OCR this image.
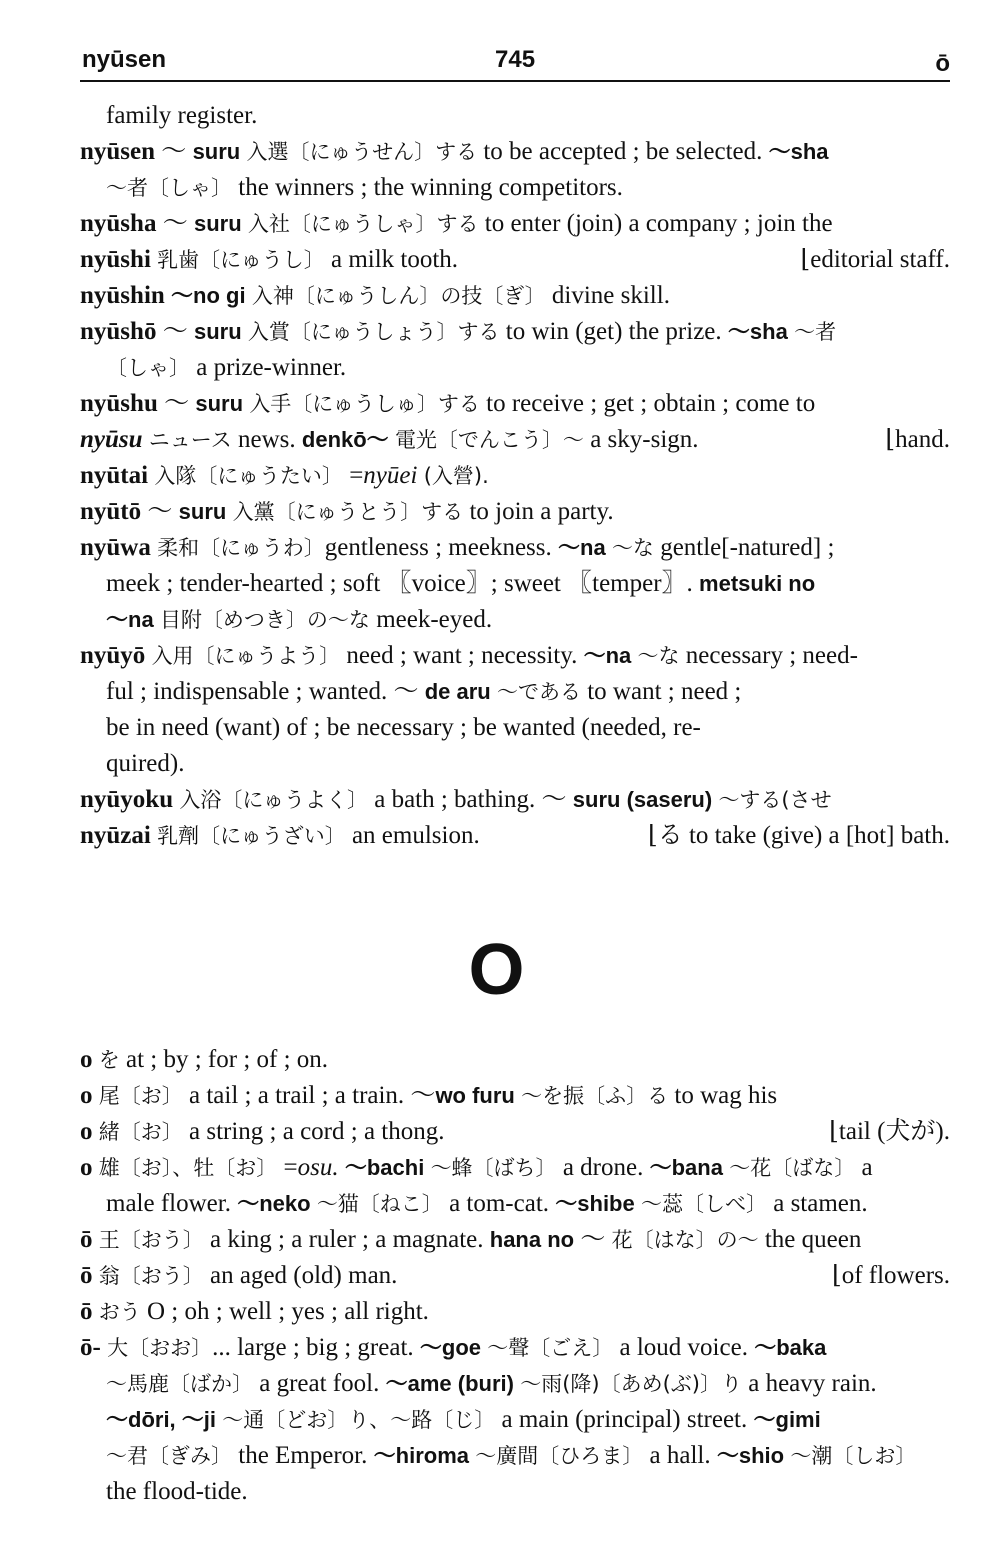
nyūsen	745	ō
family register.
nyūsen ～ suru 入選〔にゅうせん〕する to be accepted ; be selected. ～sha
～者〔しゃ〕 the winners ; the winning competitors.
nyūsha ～ suru 入社〔にゅうしゃ〕する to enter (join) a company ; join the
nyūshi 乳歯〔にゅうし〕 a milk tooth.	⌊editorial staff.
nyūshin ～no gi 入神〔にゅうしん〕の技〔ぎ〕 divine skill.
nyūshō ～ suru 入賞〔にゅうしょう〕する to win (get) the prize. ～sha ～者
〔しゃ〕 a prize-winner.
nyūshu ～ suru 入手〔にゅうしゅ〕する to receive ; get ; obtain ; come to
nyūsu ニュース news. denkō～ 電光〔でんこう〕～ a sky-sign.	⌊hand.
nyūtai 入隊〔にゅうたい〕 =nyūei (入營).
nyūtō ～ suru 入黨〔にゅうとう〕する to join a party.
nyūwa 柔和〔にゅうわ〕gentleness ; meekness. ～na ～な gentle[-natured] ;
meek ; tender-hearted ; soft 〖voice〗; sweet 〖temper〗. metsuki no
～na 目附〔めつき〕の～な meek-eyed.
nyūyō 入用〔にゅうよう〕 need ; want ; necessity. ～na ～な necessary ; need-
ful ; indispensable ; wanted. ～ de aru ～である to want ; need ;
be in need (want) of ; be necessary ; be wanted (needed, re-
quired).
nyūyoku 入浴〔にゅうよく〕 a bath ; bathing. ～ suru (saseru) ～する(させ
nyūzai 乳劑〔にゅうざい〕 an emulsion.	⌊る to take (give) a [hot] bath.
O
o を at ; by ; for ; of ; on.
o 尾〔お〕 a tail ; a trail ; a train. ～wo furu ～を振〔ふ〕る to wag his
o 緒〔お〕 a string ; a cord ; a thong.	⌊tail (犬が).
o 雄〔お〕、牡〔お〕 =osu. ～bachi ～蜂〔ばち〕 a drone. ～bana ～花〔ばな〕 a
male flower. ～neko ～猫〔ねこ〕 a tom-cat. ～shibe ～蕊〔しべ〕 a stamen.
ō 王〔おう〕 a king ; a ruler ; a magnate. hana no ～ 花〔はな〕の～ the queen
ō 翁〔おう〕 an aged (old) man.	⌊of flowers.
ō おう O ; oh ; well ; yes ; all right.
ō- 大〔おお〕... large ; big ; great. ～goe ～聲〔ごえ〕 a loud voice. ～baka
～馬鹿〔ばか〕 a great fool. ～ame (buri) ～雨(降)〔あめ(ぶ)〕り a heavy rain.
～dōri, ～ji ～通〔どお〕り、～路〔じ〕 a main (principal) street. ～gimi
～君〔ぎみ〕 the Emperor. ～hiroma ～廣間〔ひろま〕 a hall. ～shio ～潮〔しお〕
the flood-tide.
